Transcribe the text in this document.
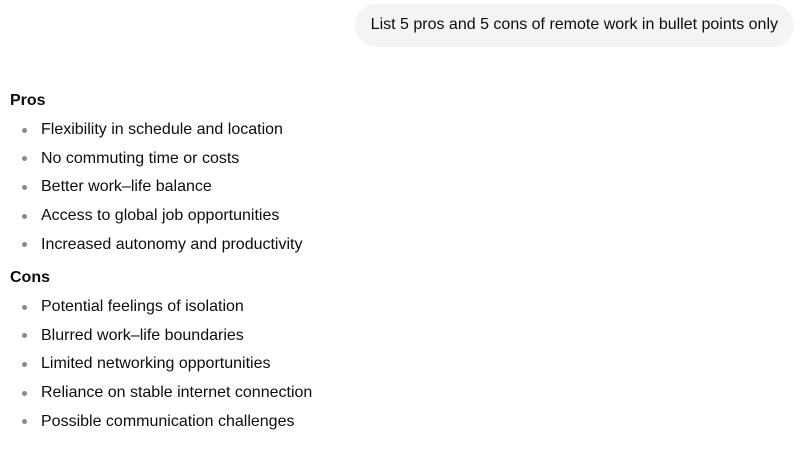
List 5 pros and 5 cons of remote work in bullet points only
Pros
Flexibility in schedule and location
No commuting time or costs
Better work–life balance
Access to global job opportunities
Increased autonomy and productivity
Cons
Potential feelings of isolation
Blurred work–life boundaries
Limited networking opportunities
Reliance on stable internet connection
Possible communication challenges
